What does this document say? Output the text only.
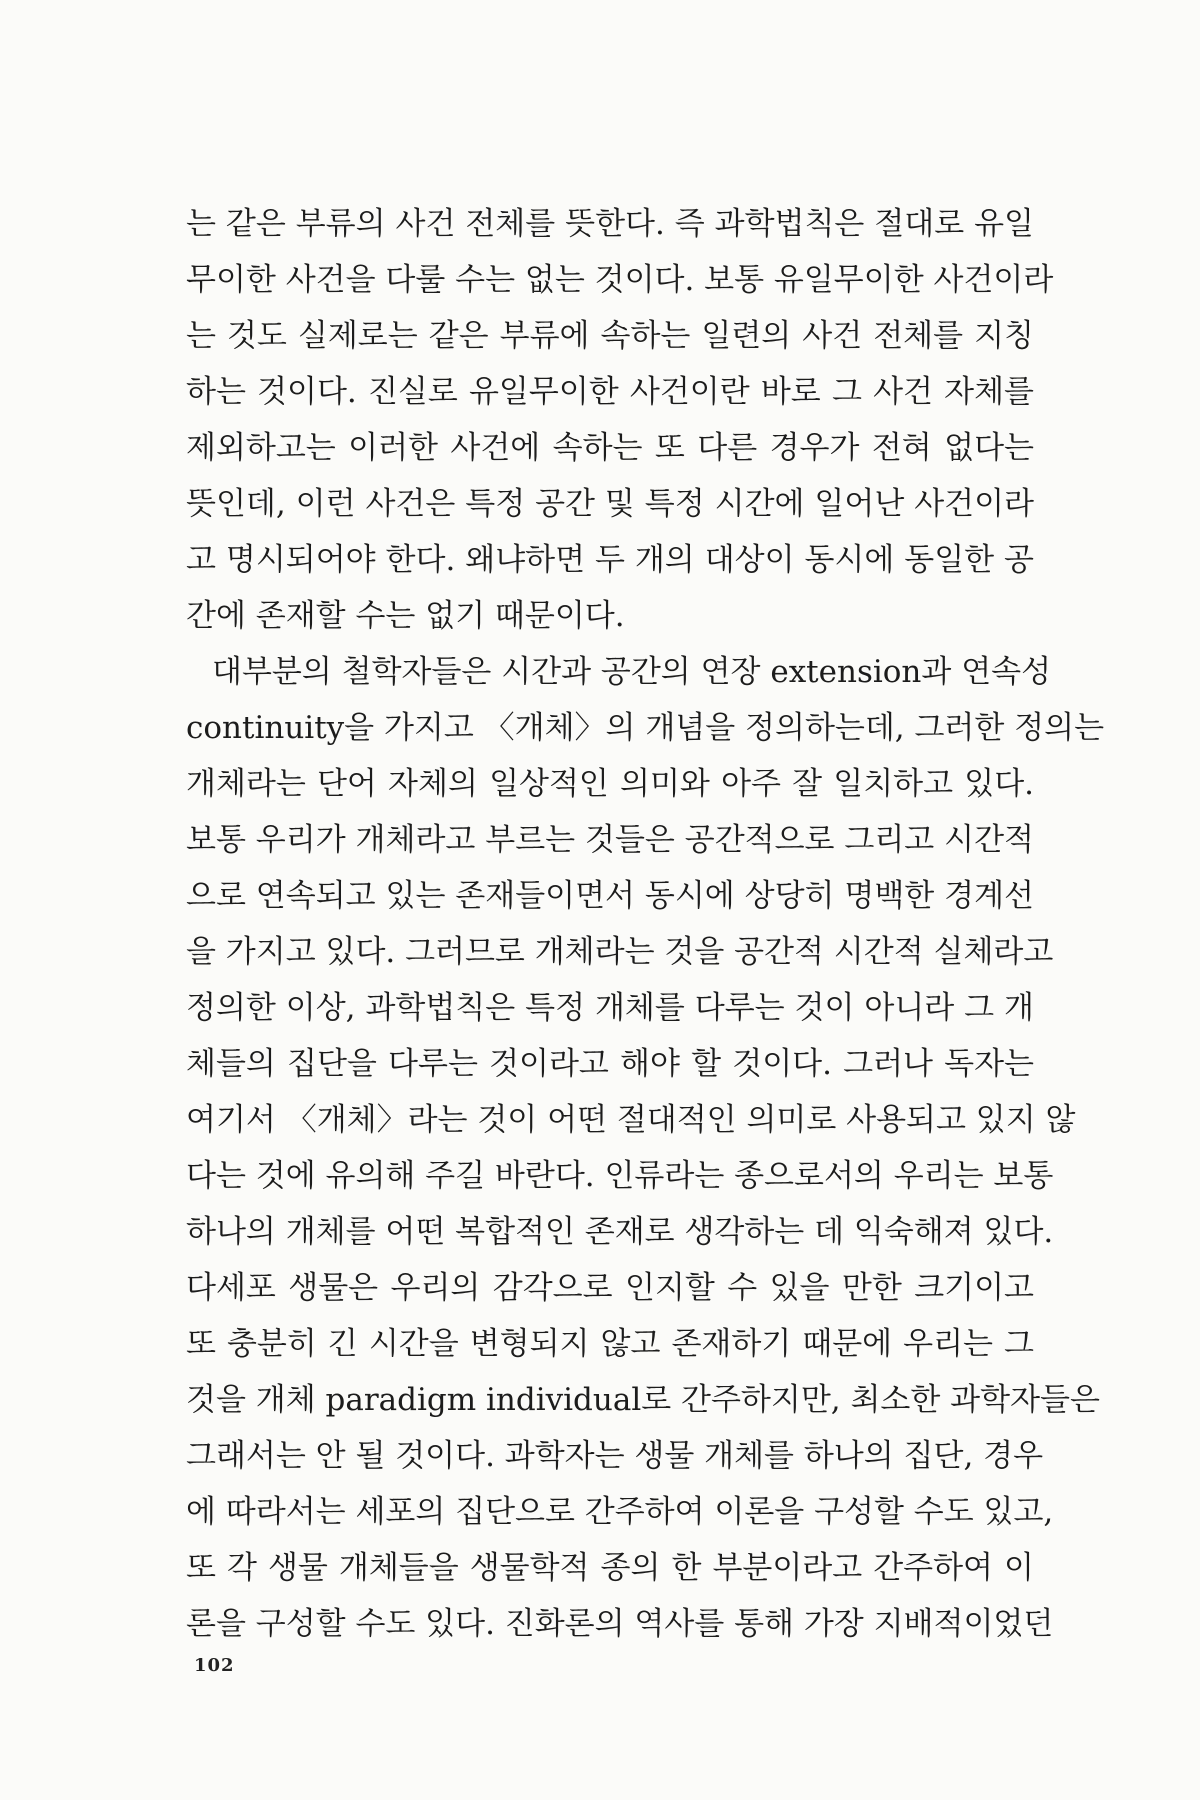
는 같은 부류의 사건 전체를 뜻한다. 즉 과학법칙은 절대로 유일
무이한 사건을 다룰 수는 없는 것이다. 보통 유일무이한 사건이라
는 것도 실제로는 같은 부류에 속하는 일련의 사건 전체를 지칭
하는 것이다. 진실로 유일무이한 사건이란 바로 그 사건 자체를
제외하고는 이러한 사건에 속하는 또 다른 경우가 전혀 없다는
뜻인데, 이런 사건은 특정 공간 및 특정 시간에 일어난 사건이라
고 명시되어야 한다. 왜냐하면 두 개의 대상이 동시에 동일한 공
간에 존재할 수는 없기 때문이다.
대부분의 철학자들은 시간과 공간의 연장 extension과 연속성
continuity을 가지고 〈개체〉의 개념을 정의하는데, 그러한 정의는
개체라는 단어 자체의 일상적인 의미와 아주 잘 일치하고 있다.
보통 우리가 개체라고 부르는 것들은 공간적으로 그리고 시간적
으로 연속되고 있는 존재들이면서 동시에 상당히 명백한 경계선
을 가지고 있다. 그러므로 개체라는 것을 공간적 시간적 실체라고
정의한 이상, 과학법칙은 특정 개체를 다루는 것이 아니라 그 개
체들의 집단을 다루는 것이라고 해야 할 것이다. 그러나 독자는
여기서 〈개체〉라는 것이 어떤 절대적인 의미로 사용되고 있지 않
다는 것에 유의해 주길 바란다. 인류라는 종으로서의 우리는 보통
하나의 개체를 어떤 복합적인 존재로 생각하는 데 익숙해져 있다.
다세포 생물은 우리의 감각으로 인지할 수 있을 만한 크기이고
또 충분히 긴 시간을 변형되지 않고 존재하기 때문에 우리는 그
것을 개체 paradigm individual로 간주하지만, 최소한 과학자들은
그래서는 안 될 것이다. 과학자는 생물 개체를 하나의 집단, 경우
에 따라서는 세포의 집단으로 간주하여 이론을 구성할 수도 있고,
또 각 생물 개체들을 생물학적 종의 한 부분이라고 간주하여 이
론을 구성할 수도 있다. 진화론의 역사를 통해 가장 지배적이었던
102
